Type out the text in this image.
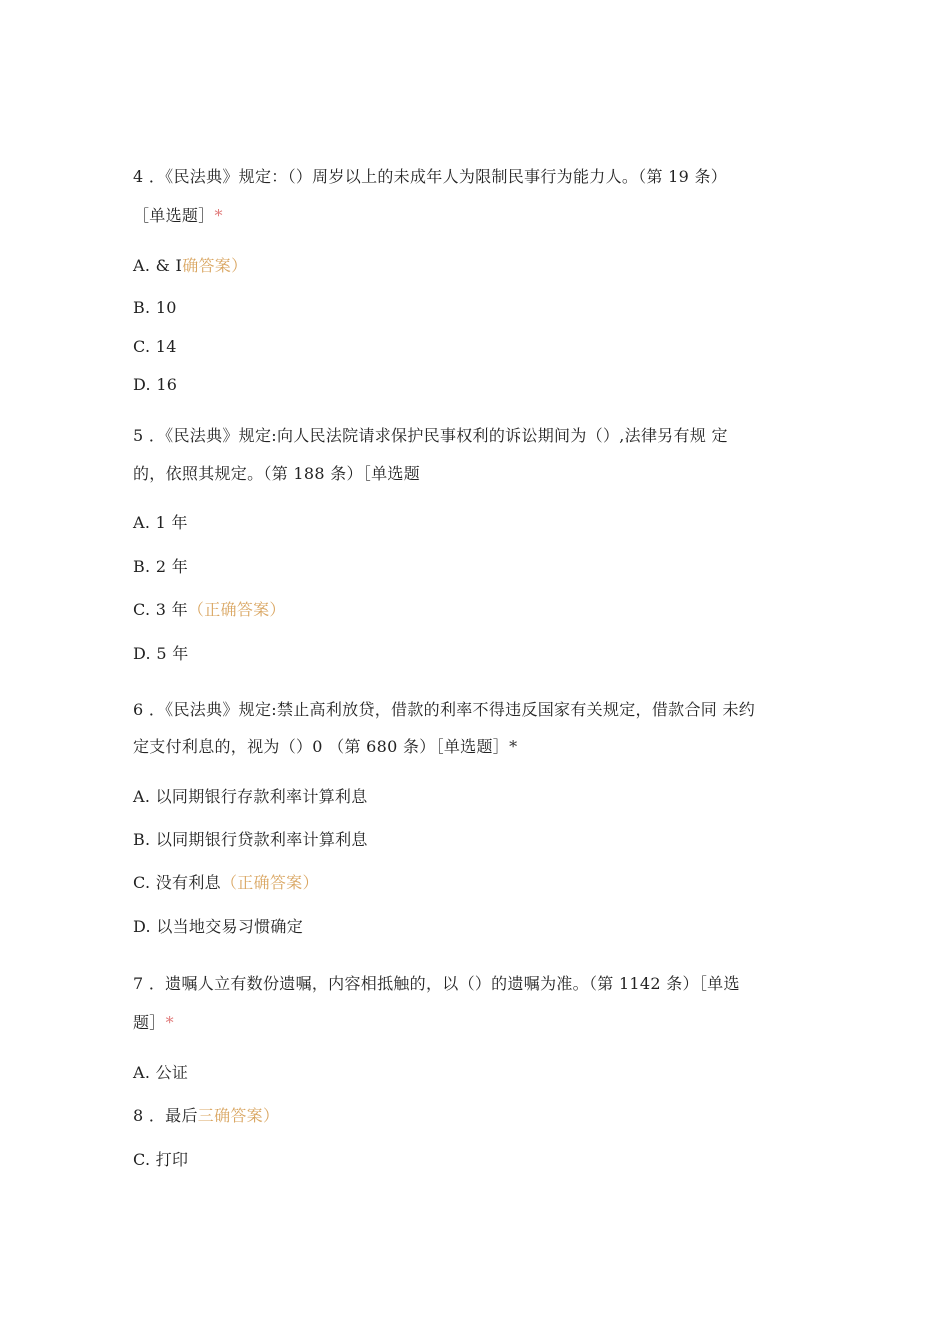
4 ．《民法典》规定：（）周岁以上的未成年人为限制民事行为能力人。（第 19 条）
［单选题］*
A. & I确答案）
B. 10
C. 14
D. 16
5 ．《民法典》规定:向人民法院请求保护民事权利的诉讼期间为（）,法律另有规 定
的，依照其规定。（第 188 条）［单选题
A. 1 年
B. 2 年
C. 3 年（正确答案）
D. 5 年
6 ．《民法典》规定:禁止高利放贷，借款的利率不得违反国家有关规定，借款合同 未约
定支付利息的，视为（）0 （第 680 条）［单选题］*
A. 以同期银行存款利率计算利息
B. 以同期银行贷款利率计算利息
C. 没有利息（正确答案）
D. 以当地交易习惯确定
7 ．遗嘱人立有数份遗嘱，内容相抵触的，以（）的遗嘱为准。（第 1142 条）［单选
题］*
A. 公证
8 ．最后三确答案）
C. 打印
